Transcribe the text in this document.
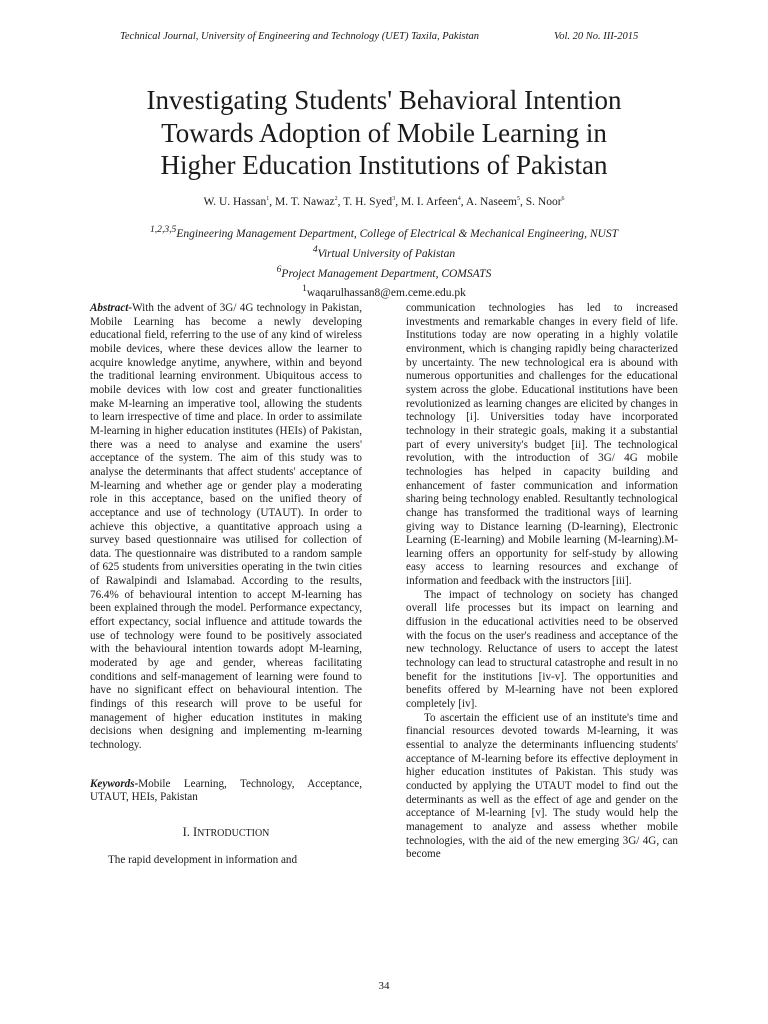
Technical Journal, University of Engineering and Technology (UET) Taxila, Pakistan	Vol. 20 No. III-2015
Investigating Students' Behavioral Intention
Towards Adoption of Mobile Learning in
Higher Education Institutions of Pakistan
W. U. Hassan$^1$, M. T. Nawaz$^2$, T. H. Syed$^3$, M. I. Arfeen$^4$, A. Naseem$^5$, S. Noor$^6$
$^{1,2,3,5}$Engineering Management Department, College of Electrical & Mechanical Engineering, NUST
$^4$Virtual University of Pakistan
$^6$Project Management Department, COMSATS
$^1$waqarulhassan8@em.ceme.edu.pk

Abstract-With the advent of 3G/ 4G technology in Pakistan, Mobile Learning has become a newly developing educational field, referring to the use of any kind of wireless mobile devices, where these devices allow the learner to acquire knowledge anytime, anywhere, within and beyond the traditional learning environment. Ubiquitous access to mobile devices with low cost and greater functionalities make M-learning an imperative tool, allowing the students to learn irrespective of time and place. In order to assimilate M-learning in higher education institutes (HEIs) of Pakistan, there was a need to analyse and examine the users' acceptance of the system. The aim of this study was to analyse the determinants that affect students' acceptance of M-learning and whether age or gender play a moderating role in this acceptance, based on the unified theory of acceptance and use of technology (UTAUT). In order to achieve this objective, a quantitative approach using a survey based questionnaire was utilised for collection of data. The questionnaire was distributed to a random sample of 625 students from universities operating in the twin cities of Rawalpindi and Islamabad. According to the results, 76.4% of behavioural intention to accept M-learning has been explained through the model. Performance expectancy, effort expectancy, social influence and attitude towards the use of technology were found to be positively associated with the behavioural intention towards adopt M-learning, moderated by age and gender, whereas facilitating conditions and self-management of learning were found to have no significant effect on behavioural intention. The findings of this research will prove to be useful for management of higher education institutes in making decisions when designing and implementing m-learning technology.

Keywords-Mobile Learning, Technology, Acceptance, UTAUT, HEIs, Pakistan

I. INTRODUCTION

The rapid development in information and

communication technologies has led to increased investments and remarkable changes in every field of life. Institutions today are now operating in a highly volatile environment, which is changing rapidly being characterized by uncertainty. The new technological era is abound with numerous opportunities and challenges for the educational system across the globe. Educational institutions have been revolutionized as learning changes are elicited by changes in technology [i]. Universities today have incorporated technology in their strategic goals, making it a substantial part of every university's budget [ii]. The technological revolution, with the introduction of 3G/ 4G mobile technologies has helped in capacity building and enhancement of faster communication and information sharing being technology enabled. Resultantly technological change has transformed the traditional ways of learning giving way to Distance learning (D-learning), Electronic Learning (E-learning) and Mobile learning (M-learning).M-learning offers an opportunity for self-study by allowing easy access to learning resources and exchange of information and feedback with the instructors [iii].

The impact of technology on society has changed overall life processes but its impact on learning and diffusion in the educational activities need to be observed with the focus on the user's readiness and acceptance of the new technology. Reluctance of users to accept the latest technology can lead to structural catastrophe and result in no benefit for the institutions [iv-v]. The opportunities and benefits offered by M-learning have not been explored completely [iv].

To ascertain the efficient use of an institute's time and financial resources devoted towards M-learning, it was essential to analyze the determinants influencing students' acceptance of M-learning before its effective deployment in higher education institutes of Pakistan. This study was conducted by applying the UTAUT model to find out the determinants as well as the effect of age and gender on the acceptance of M-learning [v]. The study would help the management to analyze and assess whether mobile technologies, with the aid of the new emerging 3G/ 4G, can become

34
